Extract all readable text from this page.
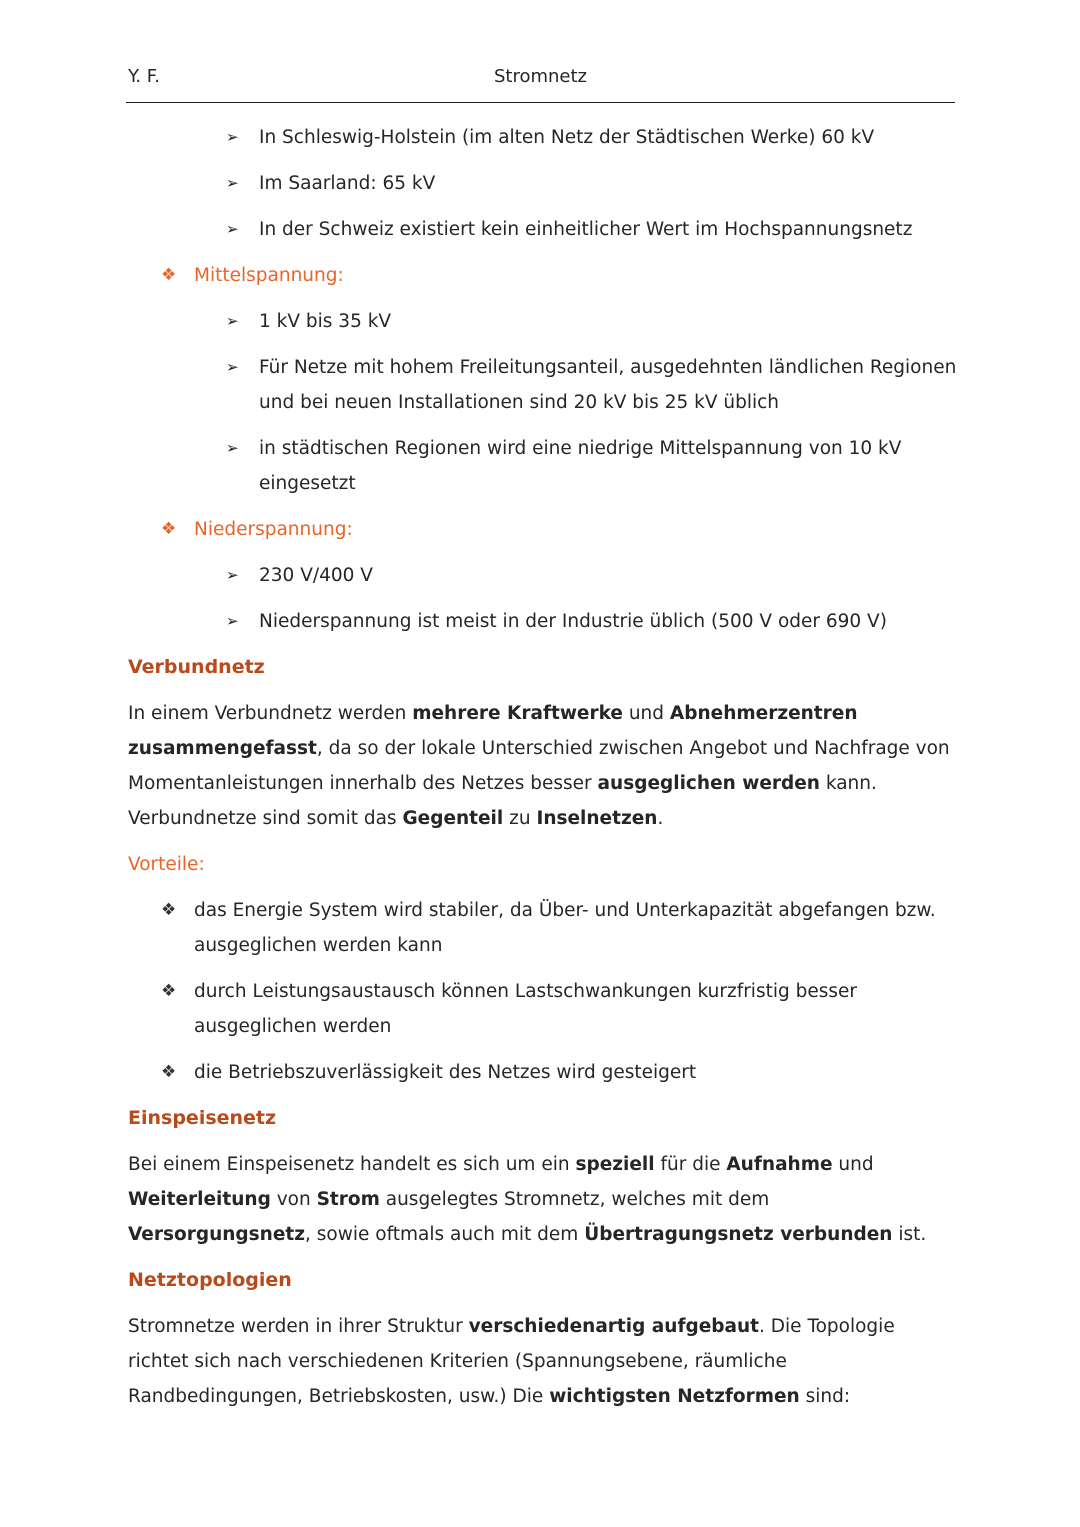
Y. F.	Stromnetz
➢ In Schleswig-Holstein (im alten Netz der Städtischen Werke) 60 kV
➢ Im Saarland: 65 kV
➢ In der Schweiz existiert kein einheitlicher Wert im Hochspannungsnetz
❖ Mittelspannung:
➢ 1 kV bis 35 kV
➢ Für Netze mit hohem Freileitungsanteil, ausgedehnten ländlichen Regionen und bei neuen Installationen sind 20 kV bis 25 kV üblich
➢ in städtischen Regionen wird eine niedrige Mittelspannung von 10 kV eingesetzt
❖ Niederspannung:
➢ 230 V/400 V
➢ Niederspannung ist meist in der Industrie üblich (500 V oder 690 V)
Verbundnetz

In einem Verbundnetz werden mehrere Kraftwerke und Abnehmerzentren zusammengefasst, da so der lokale Unterschied zwischen Angebot und Nachfrage von Momentanleistungen innerhalb des Netzes besser ausgeglichen werden kann. Verbundnetze sind somit das Gegenteil zu Inselnetzen.

Vorteile:
❖ das Energie System wird stabiler, da Über- und Unterkapazität abgefangen bzw. ausgeglichen werden kann
❖ durch Leistungsaustausch können Lastschwankungen kurzfristig besser ausgeglichen werden
❖ die Betriebszuverlässigkeit des Netzes wird gesteigert
Einspeisenetz

Bei einem Einspeisenetz handelt es sich um ein speziell für die Aufnahme und Weiterleitung von Strom ausgelegtes Stromnetz, welches mit dem Versorgungsnetz, sowie oftmals auch mit dem Übertragungsnetz verbunden ist.

Netztopologien

Stromnetze werden in ihrer Struktur verschiedenartig aufgebaut. Die Topologie richtet sich nach verschiedenen Kriterien (Spannungsebene, räumliche Randbedingungen, Betriebskosten, usw.) Die wichtigsten Netzformen sind:
